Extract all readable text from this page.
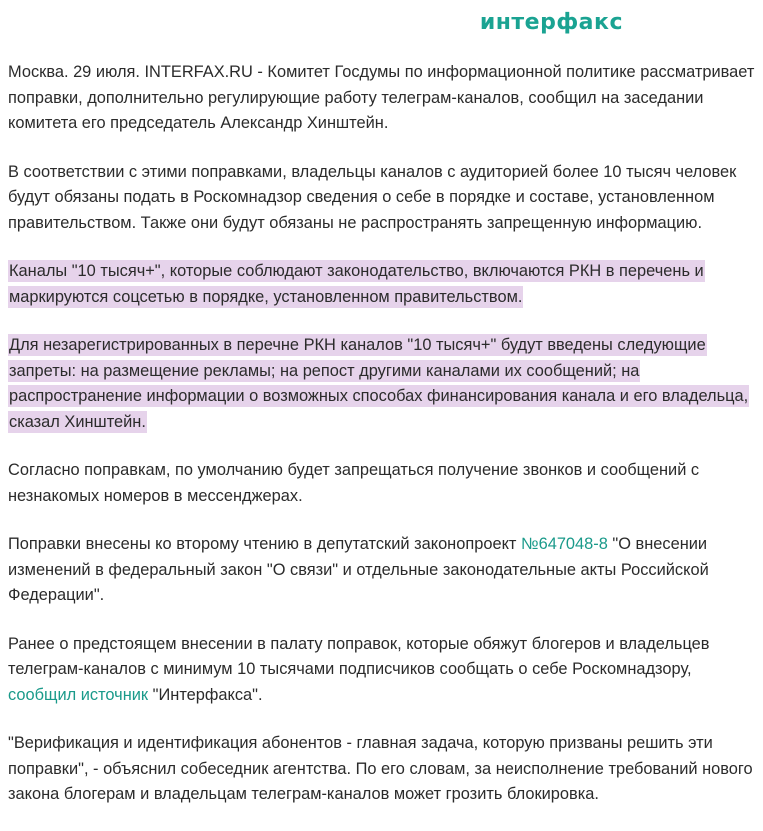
интерфакс

Москва. 29 июля. INTERFAX.RU - Комитет Госдумы по информационной политике рассматривает поправки, дополнительно регулирующие работу телеграм-каналов, сообщил на заседании комитета его председатель Александр Хинштейн.

В соответствии с этими поправками, владельцы каналов с аудиторией более 10 тысяч человек будут обязаны подать в Роскомнадзор сведения о себе в порядке и составе, установленном правительством. Также они будут обязаны не распространять запрещенную информацию.

Каналы "10 тысяч+", которые соблюдают законодательство, включаются РКН в перечень и маркируются соцсетью в порядке, установленном правительством.

Для незарегистрированных в перечне РКН каналов "10 тысяч+" будут введены следующие запреты: на размещение рекламы; на репост другими каналами их сообщений; на распространение информации о возможных способах финансирования канала и его владельца, сказал Хинштейн.

Согласно поправкам, по умолчанию будет запрещаться получение звонков и сообщений с незнакомых номеров в мессенджерах.

Поправки внесены ко второму чтению в депутатский законопроект №647048-8 "О внесении изменений в федеральный закон "О связи" и отдельные законодательные акты Российской Федерации".

Ранее о предстоящем внесении в палату поправок, которые обяжут блогеров и владельцев телеграм-каналов с минимум 10 тысячами подписчиков сообщать о себе Роскомнадзору, сообщил источник "Интерфакса".

"Верификация и идентификация абонентов - главная задача, которую призваны решить эти поправки", - объяснил собеседник агентства. По его словам, за неисполнение требований нового закона блогерам и владельцам телеграм-каналов может грозить блокировка.
